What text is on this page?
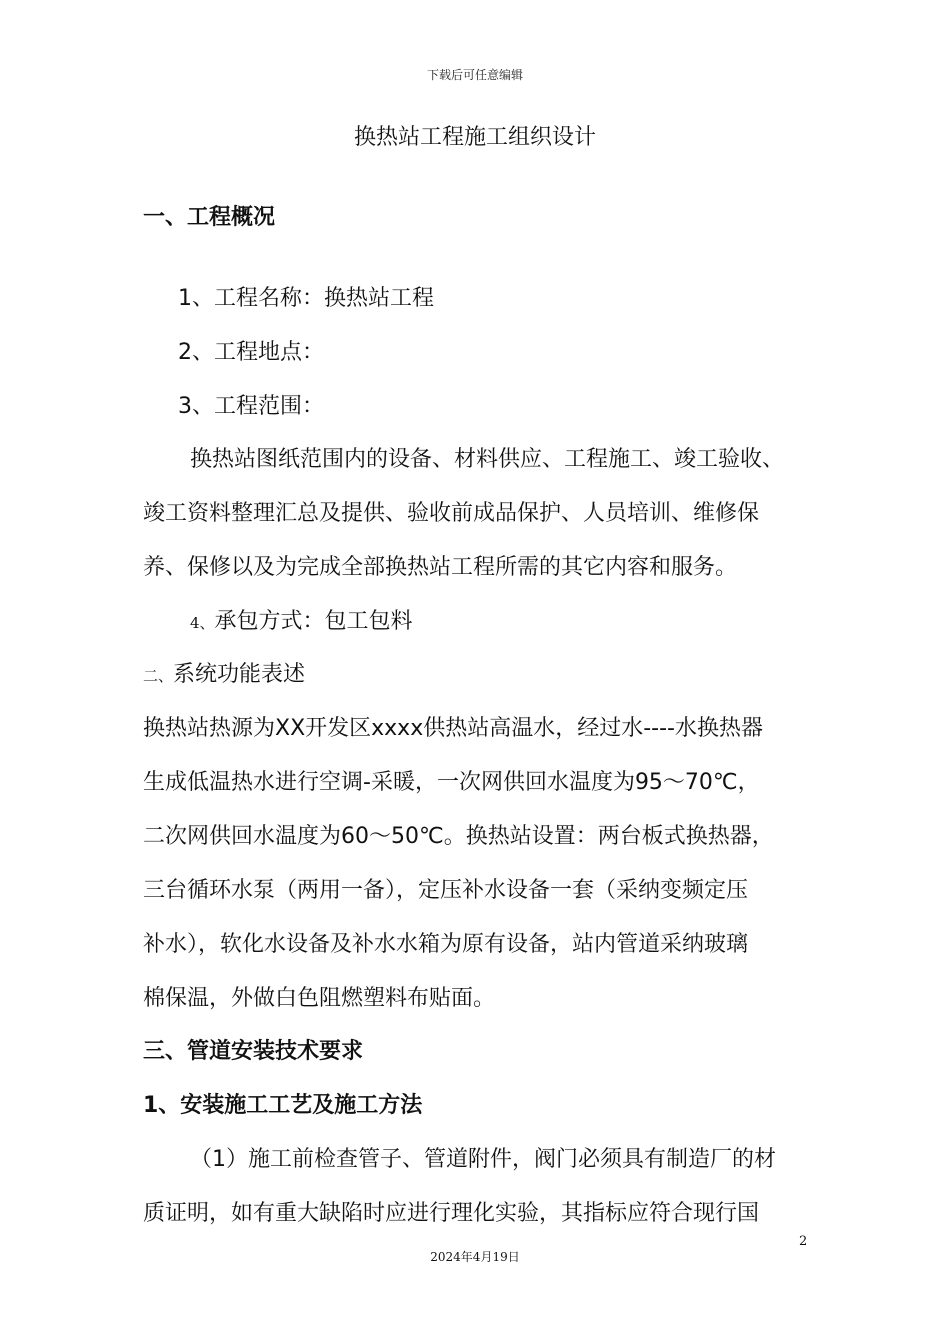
下载后可任意编辑
换热站工程施工组织设计
一、工程概况
1、工程名称：换热站工程
2、工程地点：
3、工程范围：
换热站图纸范围内的设备、材料供应、工程施工、竣工验收、
竣工资料整理汇总及提供、验收前成品保护、人员培训、维修保
养、保修以及为完成全部换热站工程所需的其它内容和服务。
4、承包方式：包工包料
二、系统功能表述
换热站热源为XX开发区xxxx供热站高温水，经过水----水换热器
生成低温热水进行空调-采暖，一次网供回水温度为95～70℃，
二次网供回水温度为60～50℃。换热站设置：两台板式换热器，
三台循环水泵（两用一备），定压补水设备一套（采纳变频定压
补水），软化水设备及补水水箱为原有设备，站内管道采纳玻璃
棉保温，外做白色阻燃塑料布贴面。
三、管道安装技术要求
1、安装施工工艺及施工方法
（1）施工前检查管子、管道附件，阀门必须具有制造厂的材
质证明，如有重大缺陷时应进行理化实验，其指标应符合现行国
2
2024年4月19日
